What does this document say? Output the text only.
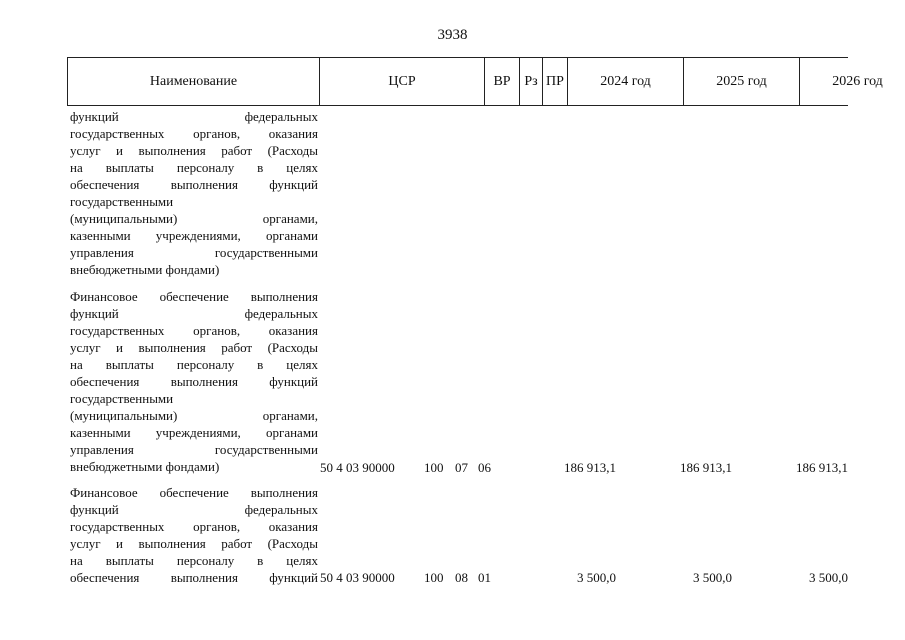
3938
Наименование	ЦСР	ВР Рз ПР	2024 год	2025 год	2026 год
функций федеральных
государственных органов, оказания
услуг и выполнения работ (Расходы
на выплаты персоналу в целях
обеспечения выполнения функций
государственными
(муниципальными) органами,
казенными учреждениями, органами
управления государственными
внебюджетными фондами)
Финансовое обеспечение выполнения
функций федеральных
государственных органов, оказания
услуг и выполнения работ (Расходы
на выплаты персоналу в целях
обеспечения выполнения функций
государственными
(муниципальными) органами,
казенными учреждениями, органами
управления государственными
внебюджетными фондами)	50 4 03 90000 100 07 06	186 913,1	186 913,1	186 913,1
Финансовое обеспечение выполнения
функций федеральных
государственных органов, оказания
услуг и выполнения работ (Расходы
на выплаты персоналу в целях
обеспечения выполнения функций 50 4 03 90000 100 08 01	3 500,0	3 500,0	3 500,0
